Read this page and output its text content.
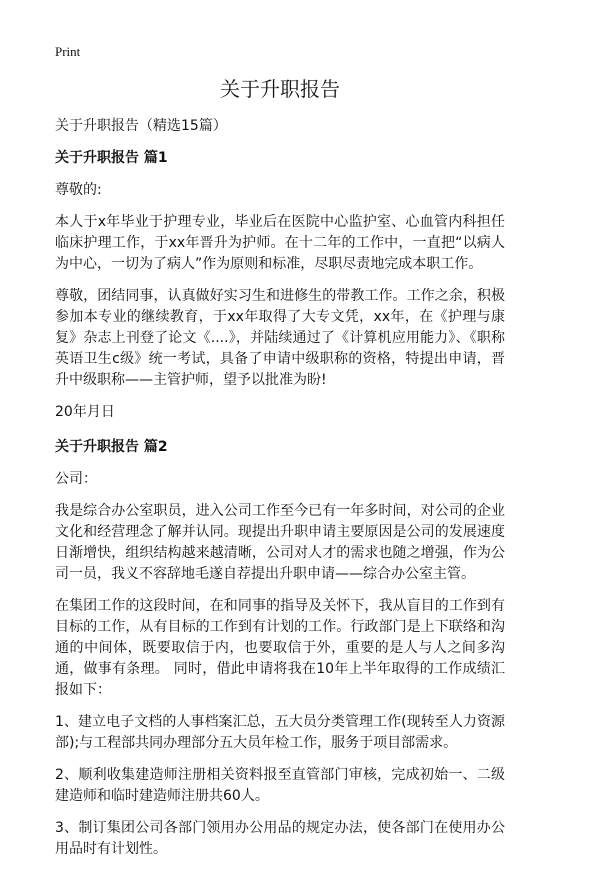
Print
关于升职报告

关于升职报告（精选15篇）

关于升职报告 篇1

尊敬的:

本人于x年毕业于护理专业，毕业后在医院中心监护室、心血管内科担任临床护理工作，于xx年晋升为护师。在十二年的工作中，一直把“以病人为中心，一切为了病人”作为原则和标准，尽职尽责地完成本职工作。

尊敬，团结同事，认真做好实习生和进修生的带教工作。工作之余，积极参加本专业的继续教育，于xx年取得了大专文凭，xx年，在《护理与康复》杂志上刊登了论文《....》，并陆续通过了《计算机应用能力》、《职称英语卫生c级》统一考试，具备了申请中级职称的资格，特提出申请，晋升中级职称——主管护师，望予以批准为盼!

20年月日

关于升职报告 篇2

公司：

我是综合办公室职员，进入公司工作至今已有一年多时间，对公司的企业文化和经营理念了解并认同。现提出升职申请主要原因是公司的发展速度日渐增快，组织结构越来越清晰，公司对人才的需求也随之增强，作为公司一员，我义不容辞地毛遂自荐提出升职申请——综合办公室主管。

在集团工作的这段时间，在和同事的指导及关怀下，我从盲目的工作到有目标的工作，从有目标的工作到有计划的工作。行政部门是上下联络和沟通的中间体，既要取信于内，也要取信于外，重要的是人与人之间多沟通，做事有条理。 同时，借此申请将我在10年上半年取得的工作成绩汇报如下：

1、建立电子文档的人事档案汇总，五大员分类管理工作(现转至人力资源部);与工程部共同办理部分五大员年检工作，服务于项目部需求。

2、顺利收集建造师注册相关资料报至直管部门审核，完成初始一、二级建造师和临时建造师注册共60人。

3、制订集团公司各部门领用办公用品的规定办法，使各部门在使用办公用品时有计划性。
